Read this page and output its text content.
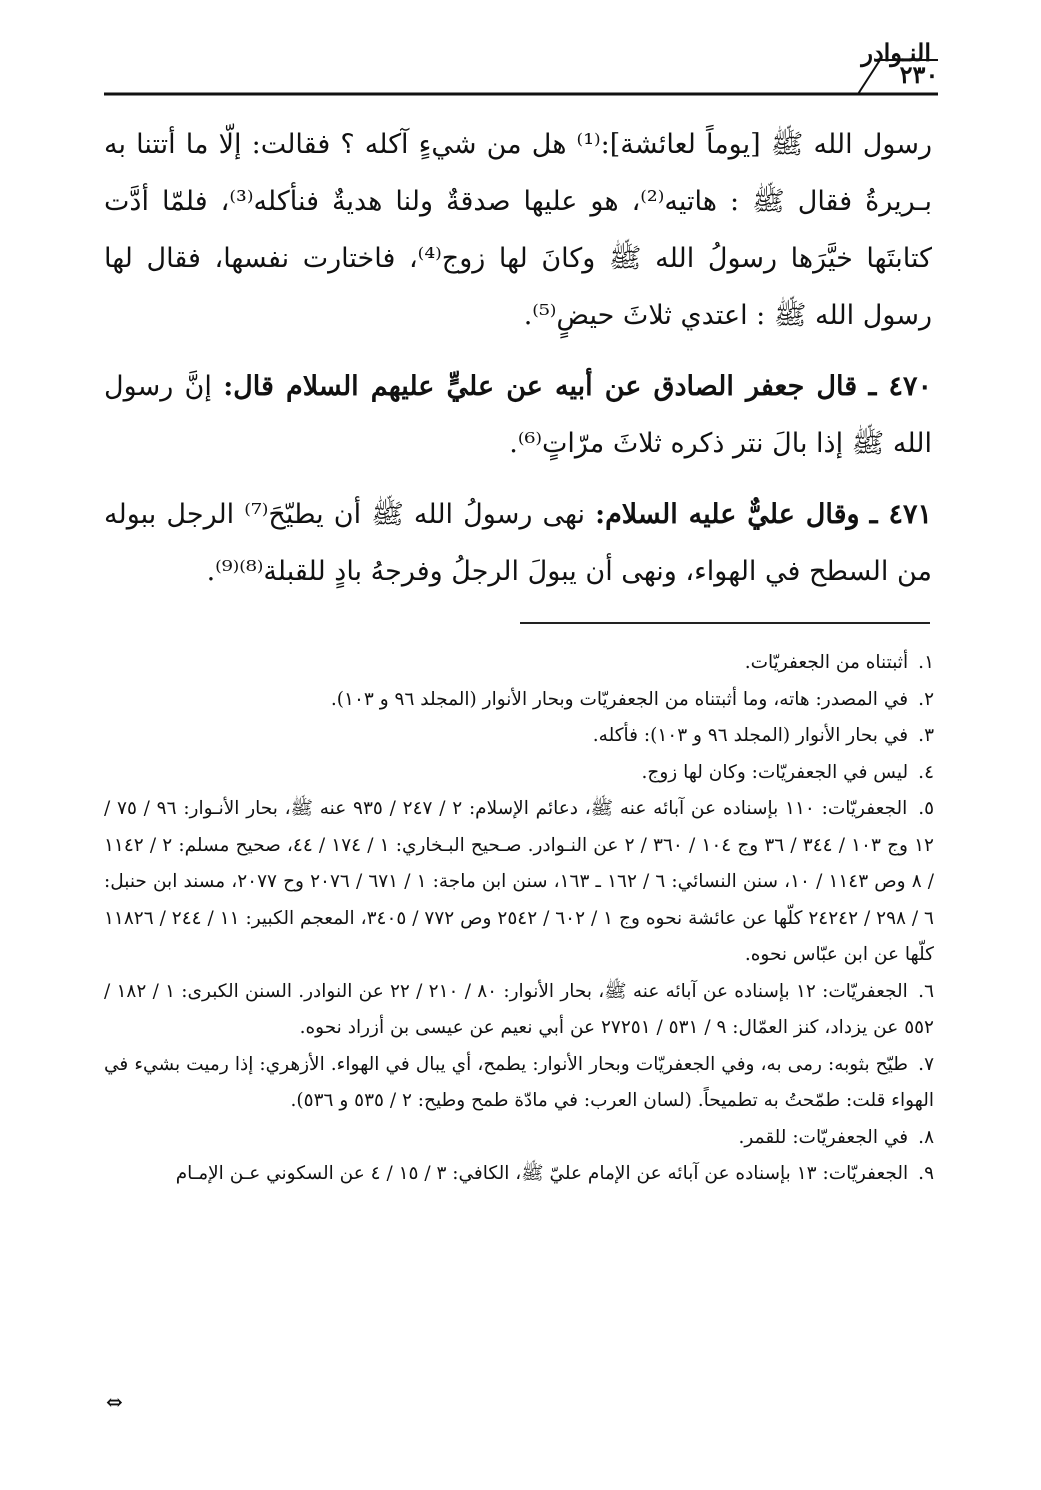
النـوادر
٢٣٠

رسول الله ﷺ [يوماً لعائشة]:⁽¹⁾ هل من شيءٍ آكله ؟ فقالت: إلّا ما أتتنا به بـريرةُ فقال ﷺ : هاتيه⁽²⁾، هو عليها صدقةٌ ولنا هديةٌ فنأكله⁽³⁾، فلمّا أدَّت كتابتَها خيَّرَها رسولُ الله ﷺ وكانَ لها زوج⁽⁴⁾، فاختارت نفسها، فقال لها رسول الله ﷺ : اعتدي ثلاثَ حيضٍ⁽⁵⁾.

٤٧٠ ـ قال جعفر الصادق عن أبيه عن عليٍّ عليهم السلام قال: إنَّ رسول الله ﷺ إذا بالَ نتر ذكره ثلاثَ مرّاتٍ⁽⁶⁾.

٤٧١ ـ وقال عليٌّ عليه السلام: نهى رسولُ الله ﷺ أن يطيّحَ⁽⁷⁾ الرجل ببوله من السطح في الهواء، ونهى أن يبولَ الرجلُ وفرجهُ بادٍ للقبلة⁽⁸⁾⁽⁹⁾.

١. أثبتناه من الجعفريّات.

٢. في المصدر: هاته، وما أثبتناه من الجعفريّات وبحار الأنوار (المجلد ٩٦ و ١٠٣).

٣. في بحار الأنوار (المجلد ٩٦ و ١٠٣): فأكله.

٤. ليس في الجعفريّات: وكان لها زوج.

٥. الجعفريّات: ١١٠ بإسناده عن آبائه عنه ﷺ، دعائم الإسلام: ٢ / ٢٤٧ / ٩٣٥ عنه ﷺ، بحار الأنـوار: ٩٦ / ٧٥ / ١٢ وج ١٠٣ / ٣٤٤ / ٣٦ وج ١٠٤ / ٣٦٠ / ٢ عن النـوادر. صـحيح البـخاري: ١ / ١٧٤ / ٤٤، صحيح مسلم: ٢ / ١١٤٢ / ٨ وص ١١٤٣ / ١٠، سنن النسائي: ٦ / ١٦٢ ـ ١٦٣، سنن ابن ماجة: ١ / ٦٧١ / ٢٠٧٦ وح ٢٠٧٧، مسند ابن حنبل: ٦ / ٢٩٨ / ٢٤٢٤٢ كلّها عن عائشة نحوه وج ١ / ٦٠٢ / ٢٥٤٢ وص ٧٧٢ / ٣٤٠٥، المعجم الكبير: ١١ / ٢٤٤ / ١١٨٢٦ كلّها عن ابن عبّاس نحوه.

٦. الجعفريّات: ١٢ بإسناده عن آبائه عنه ﷺ، بحار الأنوار: ٨٠ / ٢١٠ / ٢٢ عن النوادر. السنن الكبرى: ١ / ١٨٢ / ٥٥٢ عن يزداد، كنز العمّال: ٩ / ٥٣١ / ٢٧٢٥١ عن أبي نعيم عن عيسى بن أزراد نحوه.

٧. طيّح بثوبه: رمى به، وفي الجعفريّات وبحار الأنوار: يطمح، أي يبال في الهواء. الأزهري: إذا رميت بشيء في الهواء قلت: طمّحتُ به تطميحاً. (لسان العرب: في مادّة طمح وطيح: ٢ / ٥٣٥ و ٥٣٦).

٨. في الجعفريّات: للقمر.

٩. الجعفريّات: ١٣ بإسناده عن آبائه عن الإمام عليّ ﷺ، الكافي: ٣ / ١٥ / ٤ عن السكوني عـن الإمـام

⇔
